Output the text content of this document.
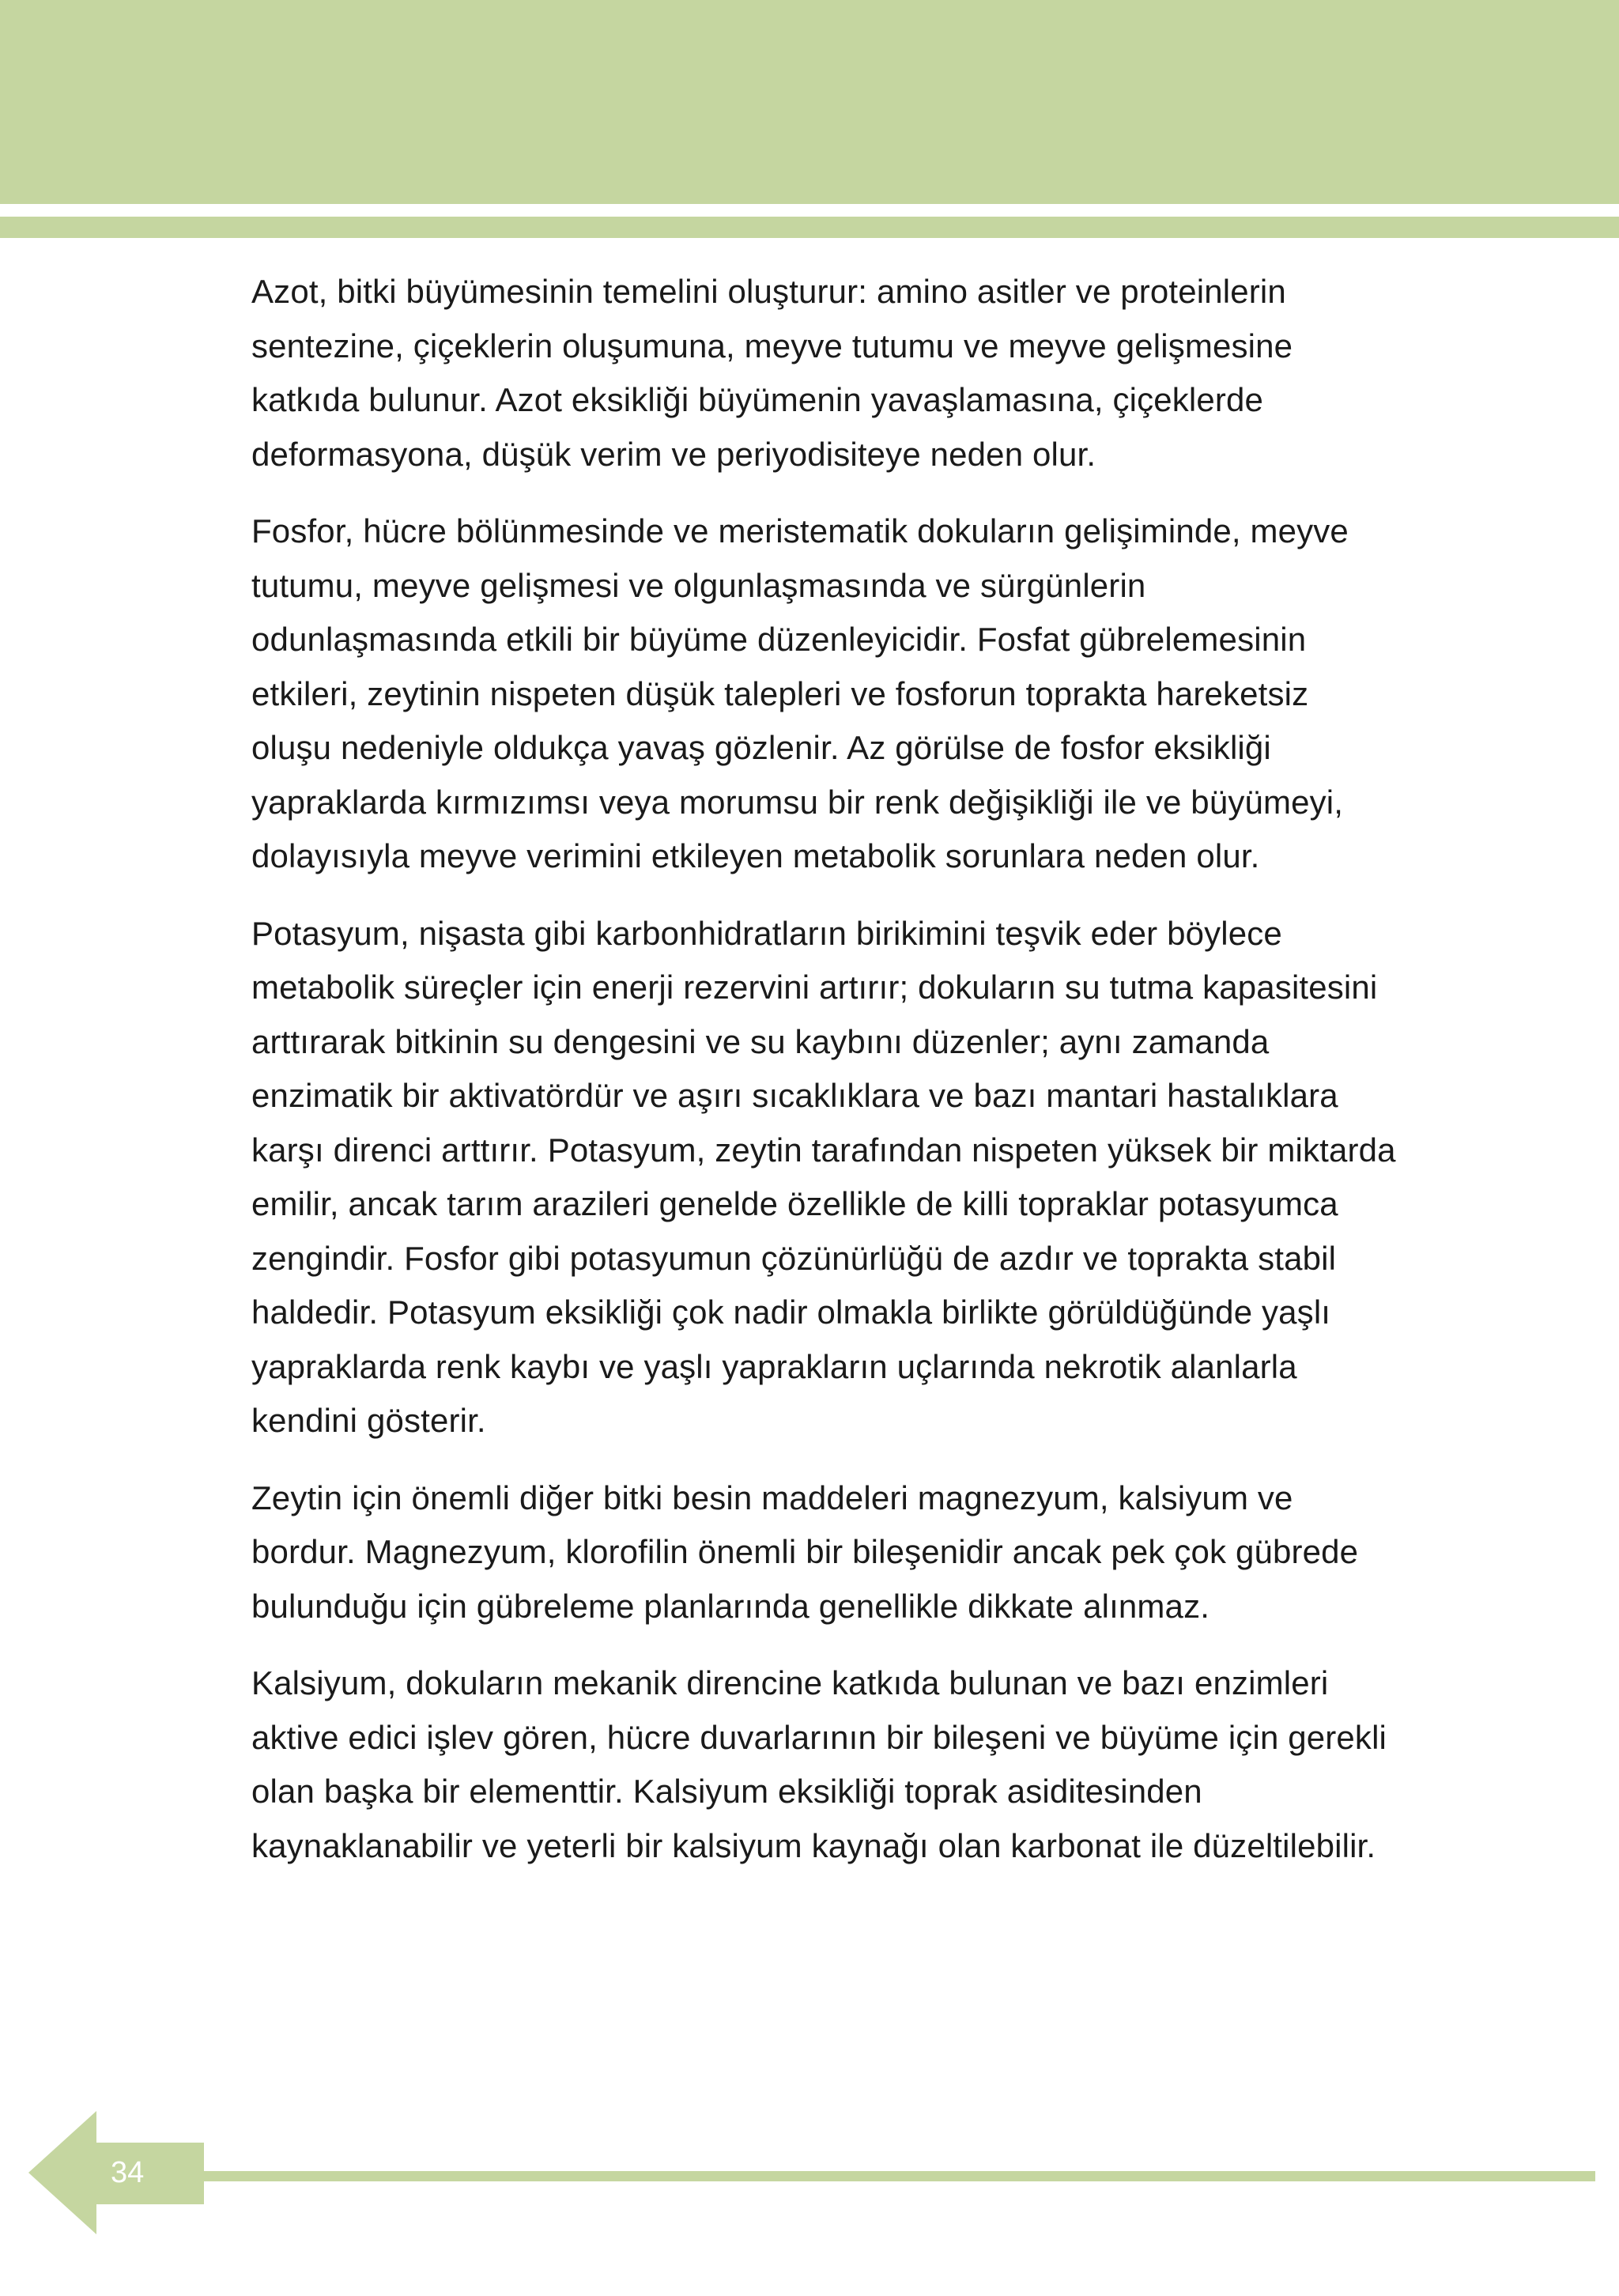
Azot, bitki büyümesinin temelini oluşturur: amino asitler ve proteinlerin sentezine, çiçeklerin oluşumuna, meyve tutumu ve meyve gelişmesine katkıda bulunur. Azot eksikliği büyümenin yavaşlamasına, çiçeklerde deformasyona, düşük verim ve periyodisiteye neden olur.

Fosfor, hücre bölünmesinde ve meristematik dokuların gelişiminde, meyve tutumu, meyve gelişmesi ve olgunlaşmasında ve sürgünlerin odunlaşmasında etkili bir büyüme düzenleyicidir. Fosfat gübrelemesinin etkileri, zeytinin nispeten düşük talepleri ve fosforun toprakta hareketsiz oluşu nedeniyle oldukça yavaş gözlenir. Az görülse de fosfor eksikliği yapraklarda kırmızımsı veya morumsu bir renk değişikliği ile ve büyümeyi, dolayısıyla meyve verimini etkileyen metabolik sorunlara neden olur.

Potasyum, nişasta gibi karbonhidratların birikimini teşvik eder böylece metabolik süreçler için enerji rezervini artırır; dokuların su tutma kapasitesini arttırarak bitkinin su dengesini ve su kaybını düzenler; aynı zamanda enzimatik bir aktivatördür ve aşırı sıcaklıklara ve bazı mantari hastalıklara karşı direnci arttırır. Potasyum, zeytin tarafından nispeten yüksek bir miktarda emilir, ancak tarım arazileri genelde özellikle de killi topraklar potasyumca zengindir. Fosfor gibi potasyumun çözünürlüğü de azdır ve toprakta stabil haldedir. Potasyum eksikliği çok nadir olmakla birlikte görüldüğünde yaşlı yapraklarda renk kaybı ve yaşlı yaprakların uçlarında nekrotik alanlarla kendini gösterir.

Zeytin için önemli diğer bitki besin maddeleri magnezyum, kalsiyum ve bordur. Magnezyum, klorofilin önemli bir bileşenidir ancak pek çok gübrede bulunduğu için gübreleme planlarında genellikle dikkate alınmaz.

Kalsiyum, dokuların mekanik direncine katkıda bulunan ve bazı enzimleri aktive edici işlev gören, hücre duvarlarının bir bileşeni ve büyüme için gerekli olan başka bir elementtir. Kalsiyum eksikliği toprak asiditesinden kaynaklanabilir ve yeterli bir kalsiyum kaynağı olan karbonat ile düzeltilebilir.

34
